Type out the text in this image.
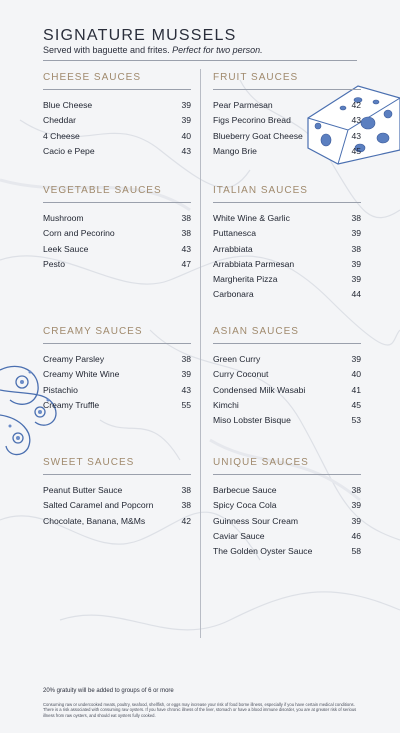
SIGNATURE MUSSELS
Served with baguette and frites. Perfect for two person.
CHEESE SAUCES
Blue Cheese	39
Cheddar	39
4 Cheese	40
Cacio e Pepe	43
VEGETABLE SAUCES
Mushroom	38
Corn and Pecorino	38
Leek Sauce	43
Pesto	47
CREAMY SAUCES
Creamy Parsley	38
Creamy White Wine	39
Pistachio	43
Creamy Truffle	55
SWEET SAUCES
Peanut Butter Sauce	38
Salted Caramel and Popcorn	38
Chocolate, Banana, M&Ms	42
FRUIT SAUCES
Pear Parmesan	42
Figs Pecorino Bread	43
Blueberry Goat Cheese	43
Mango Brie	45
ITALIAN SAUCES
White Wine & Garlic	38
Puttanesca	39
Arrabbiata	38
Arrabbiata Parmesan	39
Margherita Pizza	39
Carbonara	44
ASIAN SAUCES
Green Curry	39
Curry Coconut	40
Condensed Milk Wasabi	41
Kimchi	45
Miso Lobster Bisque	53
UNIQUE SAUCES
Barbecue Sauce	38
Spicy Coca Cola	39
Guinness Sour Cream	39
Caviar Sauce	46
The Golden Oyster Sauce	58
20% gratuity will be added to groups of 6 or more
Consuming raw or undercooked meats, poultry, seafood, shellfish, or eggs may increase your risk of food borne illness, especially if you have certain medical conditions. There is a risk associated with consuming raw oysters. If you have chronic illness of the liver, stomach or have a blood immune disorder, you are at greater risk of serious illness from raw oysters, and should eat oysters fully cooked.
